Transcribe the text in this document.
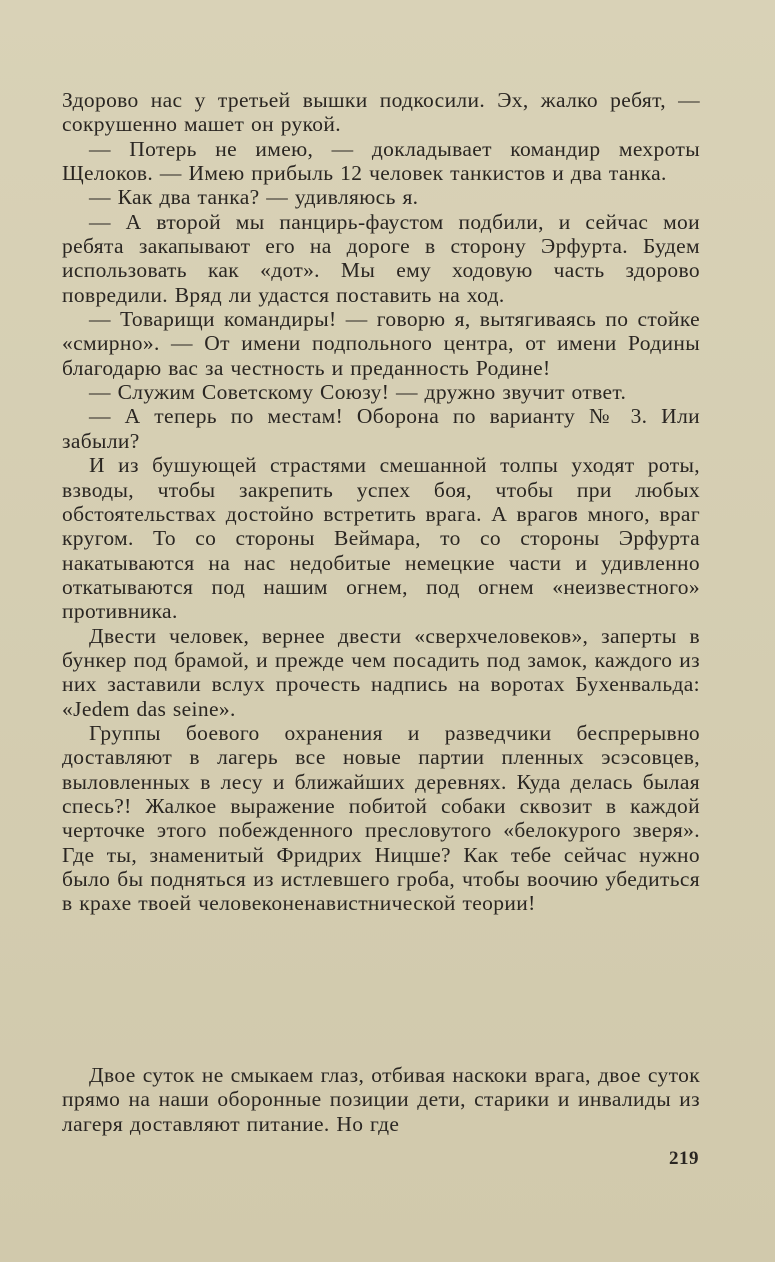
Здорово нас у третьей вышки подкосили. Эх, жалко ребят, — сокрушенно машет он рукой.

— Потерь не имею, — докладывает командир мехроты Щелоков. — Имею прибыль 12 человек танкистов и два танка.

— Как два танка? — удивляюсь я.

— А второй мы панцирь-фаустом подбили, и сейчас мои ребята закапывают его на дороге в сторону Эрфурта. Будем использовать как «дот». Мы ему ходовую часть здорово повредили. Вряд ли удастся поставить на ход.

— Товарищи командиры! — говорю я, вытягиваясь по стойке «смирно». — От имени подпольного центра, от имени Родины благодарю вас за честность и преданность Родине!

— Служим Советскому Союзу! — дружно звучит ответ.

— А теперь по местам! Оборона по варианту № 3. Или забыли?

И из бушующей страстями смешанной толпы уходят роты, взводы, чтобы закрепить успех боя, чтобы при любых обстоятельствах достойно встретить врага. А врагов много, враг кругом. То со стороны Веймара, то со стороны Эрфурта накатываются на нас недобитые немецкие части и удивленно откатываются под нашим огнем, под огнем «неизвестного» противника.

Двести человек, вернее двести «сверхчеловеков», заперты в бункер под брамой, и прежде чем посадить под замок, каждого из них заставили вслух прочесть надпись на воротах Бухенвальда: «Jedem das seine».

Группы боевого охранения и разведчики беспрерывно доставляют в лагерь все новые партии пленных эсэсовцев, выловленных в лесу и ближайших деревнях. Куда делась былая спесь?! Жалкое выражение побитой собаки сквозит в каждой черточке этого побежденного пресловутого «белокурого зверя». Где ты, знаменитый Фридрих Ницше? Как тебе сейчас нужно было бы подняться из истлевшего гроба, чтобы воочию убедиться в крахе твоей человеконенавистнической теории!

Двое суток не смыкаем глаз, отбивая наскоки врага, двое суток прямо на наши оборонные позиции дети, старики и инвалиды из лагеря доставляют питание. Но где

219
